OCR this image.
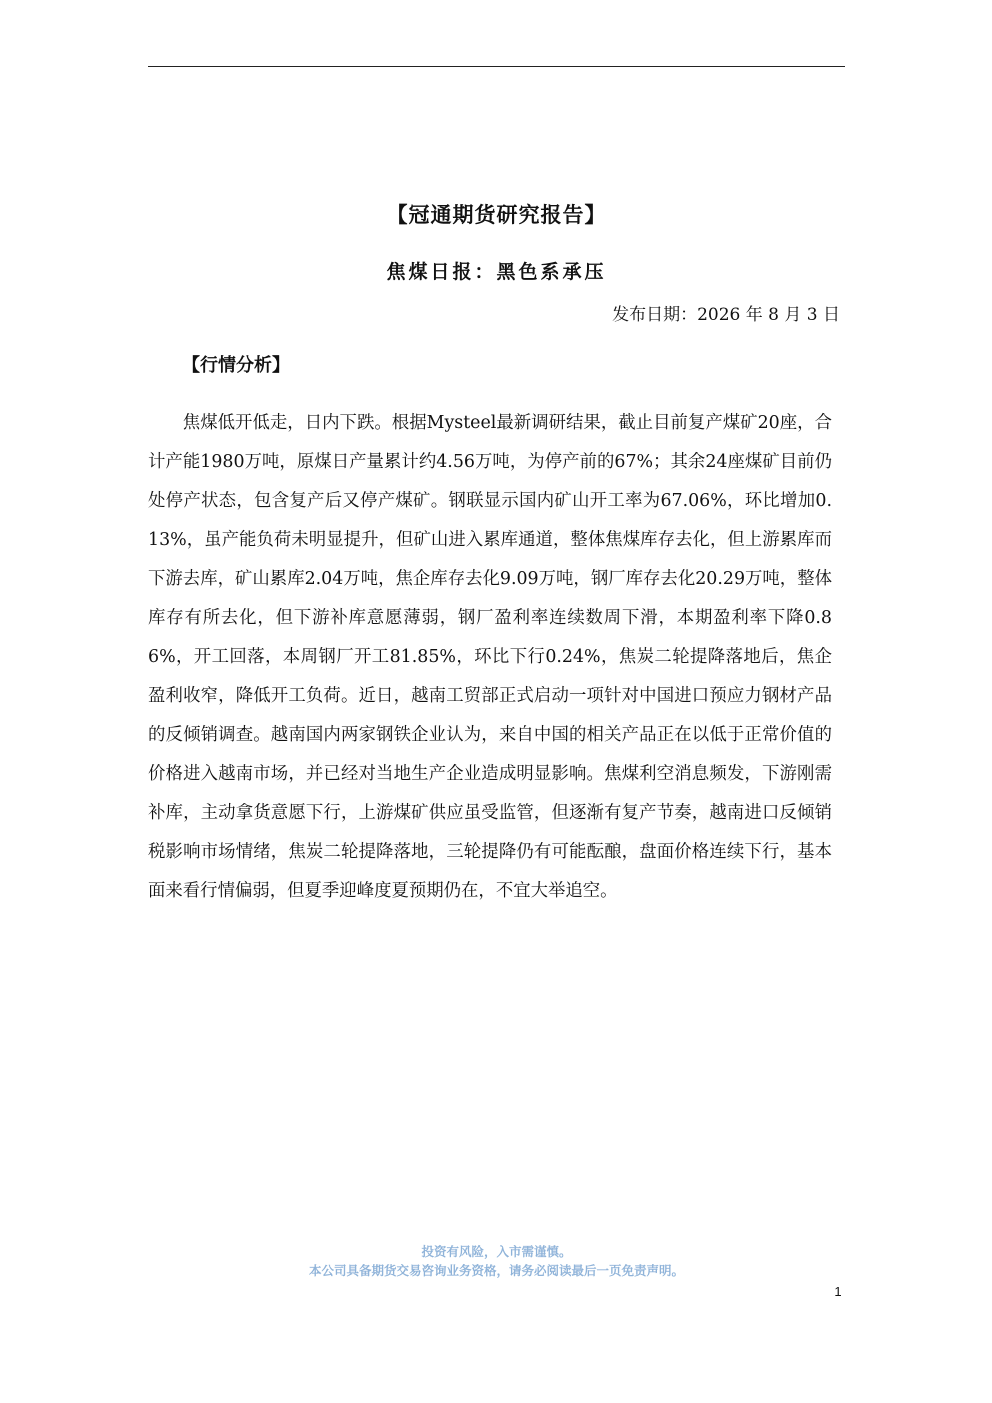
【冠通期货研究报告】
焦煤日报：黑色系承压
发布日期：2026 年 8 月 3 日
【行情分析】

焦煤低开低走，日内下跌。根据Mysteel最新调研结果，截止目前复产煤矿20座，合计产能1980万吨，原煤日产量累计约4.56万吨，为停产前的67%；其余24座煤矿目前仍处停产状态，包含复产后又停产煤矿。钢联显示国内矿山开工率为67.06%，环比增加0.13%，虽产能负荷未明显提升，但矿山进入累库通道，整体焦煤库存去化，但上游累库而下游去库，矿山累库2.04万吨，焦企库存去化9.09万吨，钢厂库存去化20.29万吨，整体库存有所去化，但下游补库意愿薄弱，钢厂盈利率连续数周下滑，本期盈利率下降0.86%，开工回落，本周钢厂开工81.85%，环比下行0.24%，焦炭二轮提降落地后，焦企盈利收窄，降低开工负荷。近日，越南工贸部正式启动一项针对中国进口预应力钢材产品的反倾销调查。越南国内两家钢铁企业认为，来自中国的相关产品正在以低于正常价值的价格进入越南市场，并已经对当地生产企业造成明显影响。焦煤利空消息频发，下游刚需补库，主动拿货意愿下行，上游煤矿供应虽受监管，但逐渐有复产节奏，越南进口反倾销税影响市场情绪，焦炭二轮提降落地，三轮提降仍有可能酝酿，盘面价格连续下行，基本面来看行情偏弱，但夏季迎峰度夏预期仍在，不宜大举追空。

投资有风险，入市需谨慎。
本公司具备期货交易咨询业务资格，请务必阅读最后一页免责声明。
1
